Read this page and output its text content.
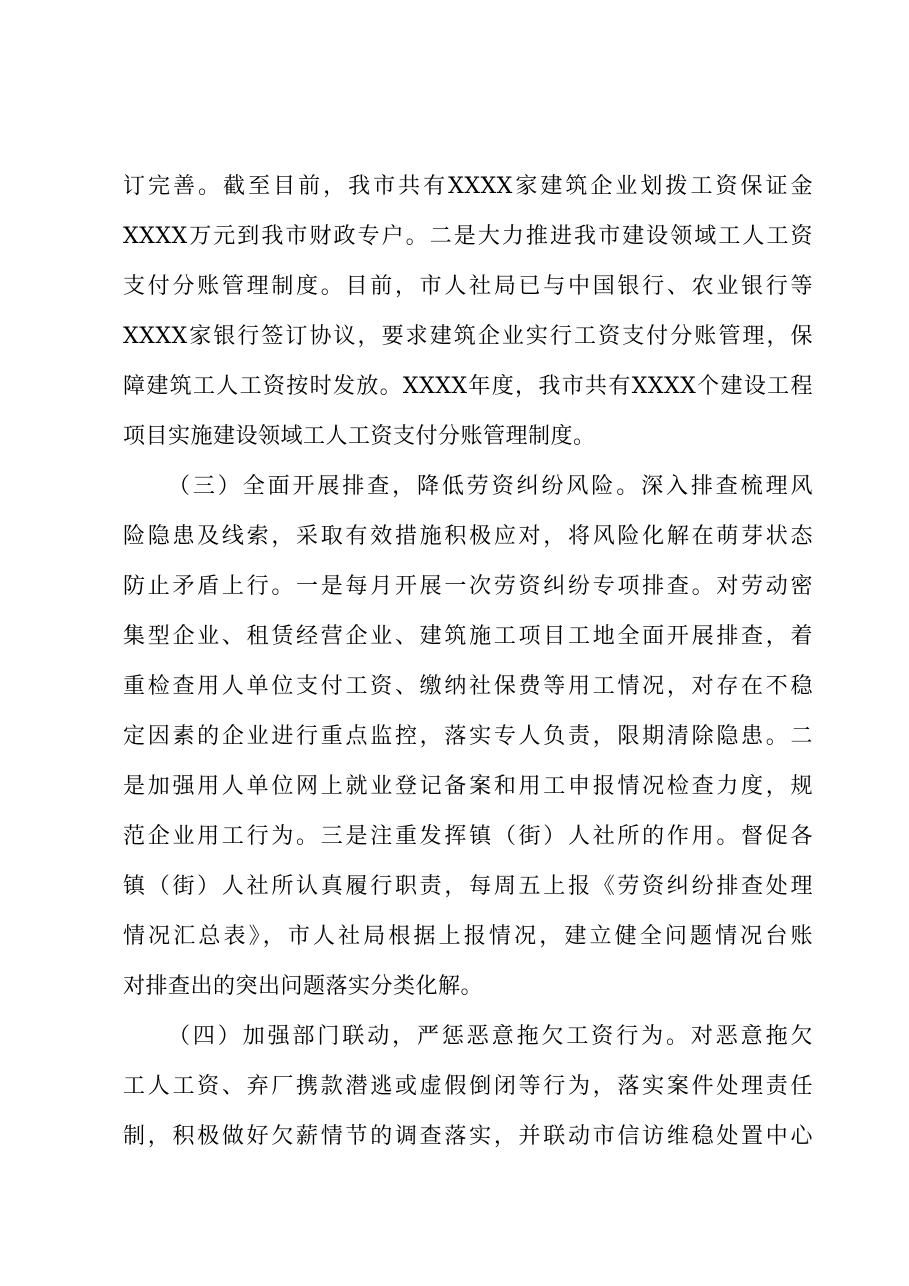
订完善。截至目前，我市共有XXXX家建筑企业划拨工资保证金

XXXX万元到我市财政专户。二是大力推进我市建设领域工人工资

支付分账管理制度。目前，市人社局已与中国银行、农业银行等

XXXX家银行签订协议，要求建筑企业实行工资支付分账管理，保

障建筑工人工资按时发放。XXXX年度，我市共有XXXX个建设工程

项目实施建设领域工人工资支付分账管理制度。

（三）全面开展排查，降低劳资纠纷风险。深入排查梳理风

险隐患及线索，采取有效措施积极应对，将风险化解在萌芽状态

防止矛盾上行。一是每月开展一次劳资纠纷专项排查。对劳动密

集型企业、租赁经营企业、建筑施工项目工地全面开展排查，着

重检查用人单位支付工资、缴纳社保费等用工情况，对存在不稳

定因素的企业进行重点监控，落实专人负责，限期清除隐患。二

是加强用人单位网上就业登记备案和用工申报情况检查力度，规

范企业用工行为。三是注重发挥镇（街）人社所的作用。督促各

镇（街）人社所认真履行职责，每周五上报《劳资纠纷排查处理

情况汇总表》，市人社局根据上报情况，建立健全问题情况台账

对排查出的突出问题落实分类化解。

（四）加强部门联动，严惩恶意拖欠工资行为。对恶意拖欠

工人工资、弃厂携款潜逃或虚假倒闭等行为，落实案件处理责任

制，积极做好欠薪情节的调查落实，并联动市信访维稳处置中心
